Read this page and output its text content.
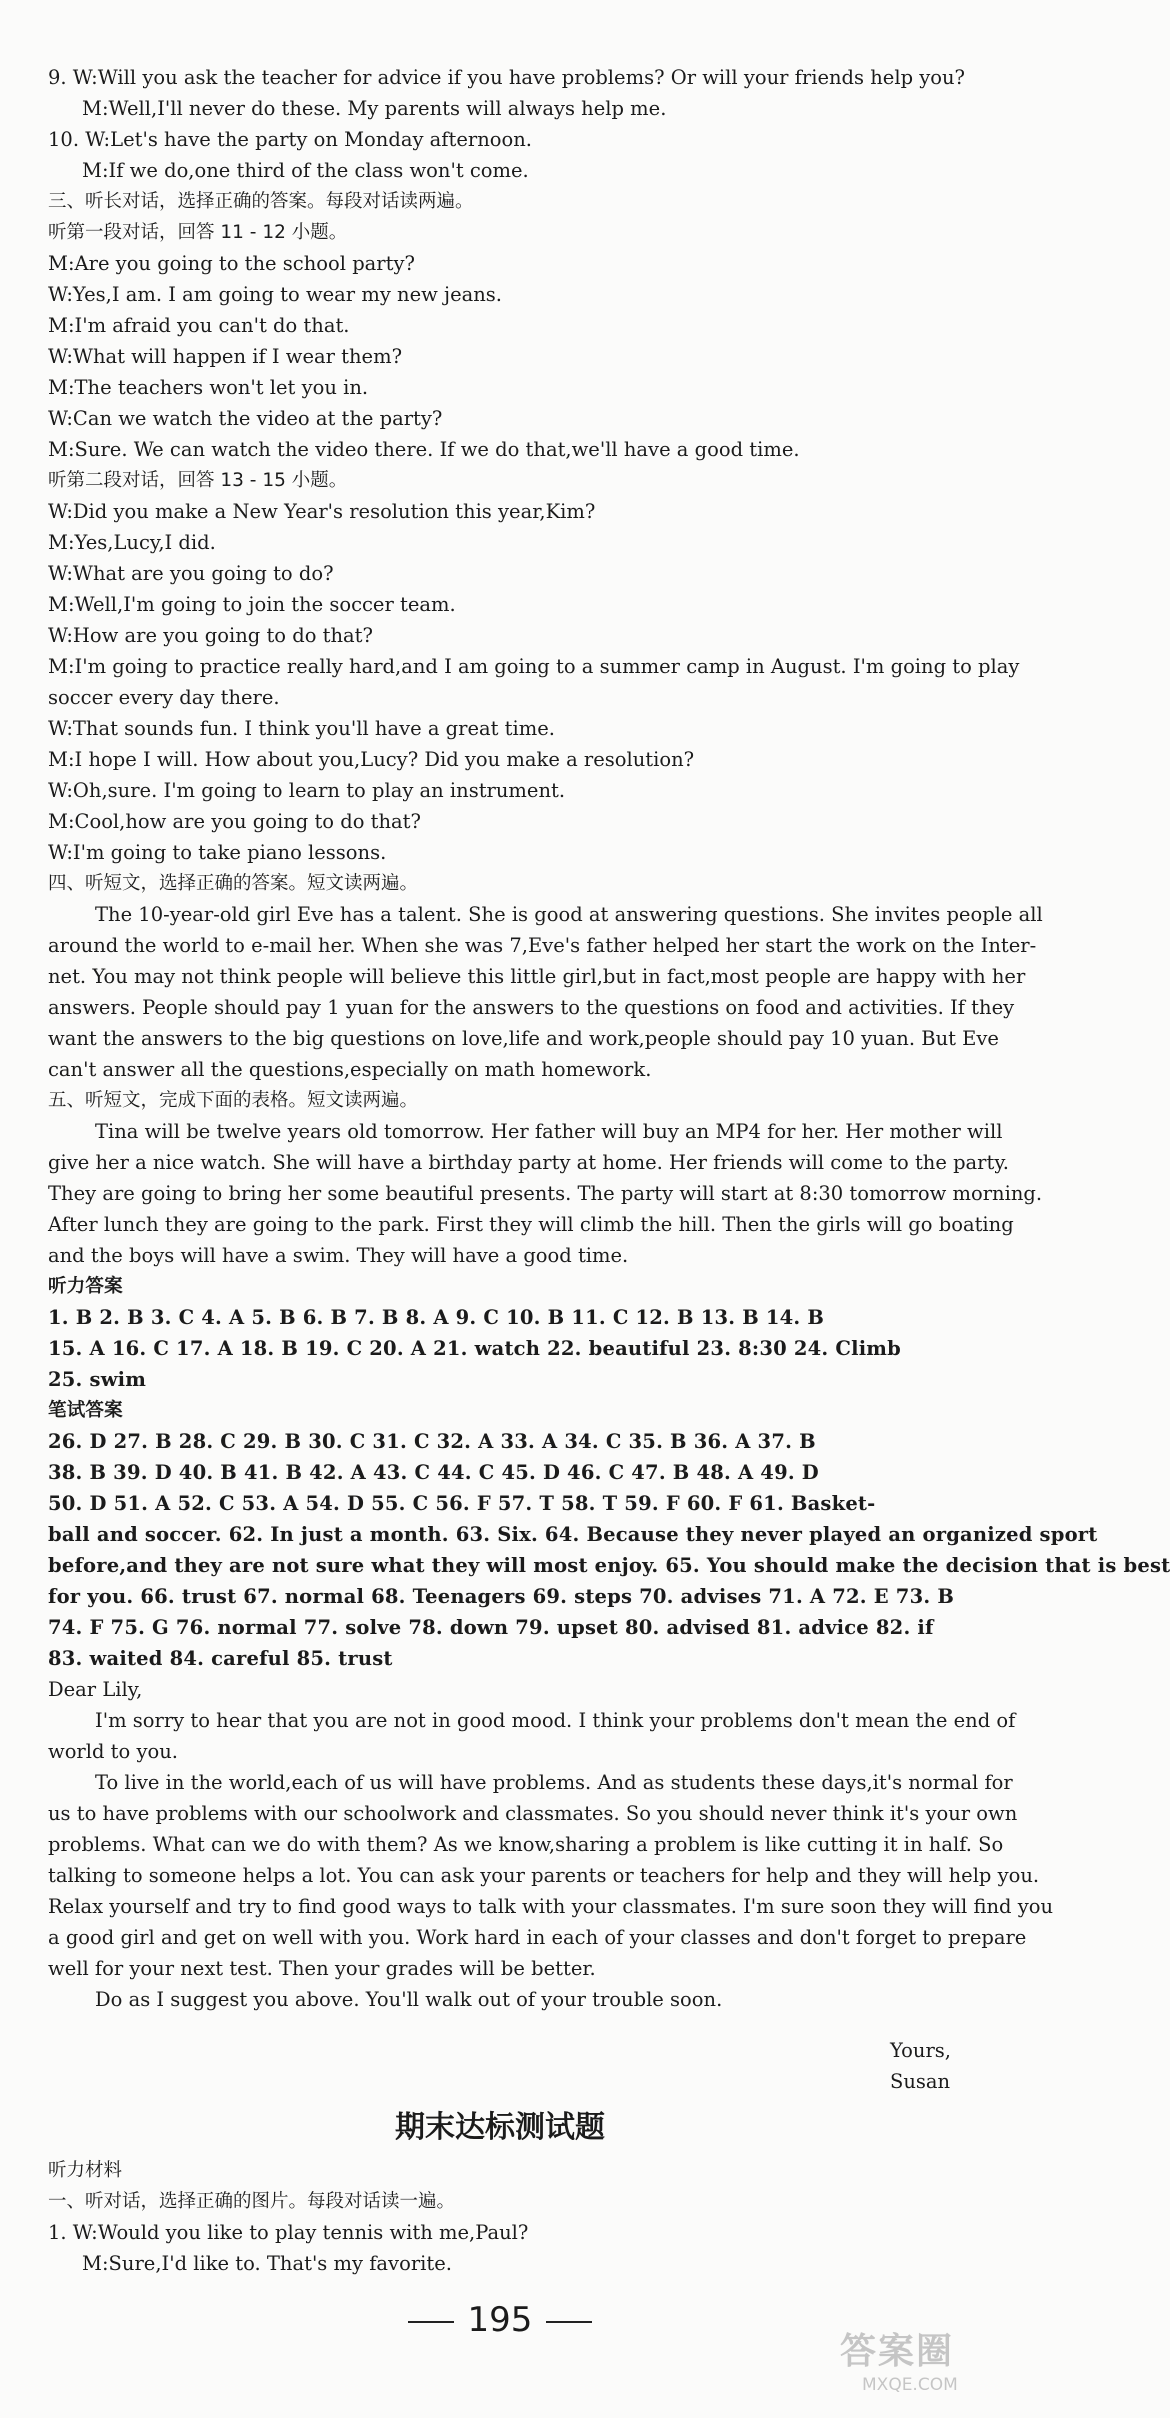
9. W:Will you ask the teacher for advice if you have problems? Or will your friends help you?
M:Well,I'll never do these. My parents will always help me.
10. W:Let's have the party on Monday afternoon.
M:If we do,one third of the class won't come.
三、听长对话，选择正确的答案。每段对话读两遍。
听第一段对话，回答 11 - 12 小题。
M:Are you going to the school party?
W:Yes,I am. I am going to wear my new jeans.
M:I'm afraid you can't do that.
W:What will happen if I wear them?
M:The teachers won't let you in.
W:Can we watch the video at the party?
M:Sure. We can watch the video there. If we do that,we'll have a good time.
听第二段对话，回答 13 - 15 小题。
W:Did you make a New Year's resolution this year,Kim?
M:Yes,Lucy,I did.
W:What are you going to do?
M:Well,I'm going to join the soccer team.
W:How are you going to do that?
M:I'm going to practice really hard,and I am going to a summer camp in August. I'm going to play
soccer every day there.
W:That sounds fun. I think you'll have a great time.
M:I hope I will. How about you,Lucy? Did you make a resolution?
W:Oh,sure. I'm going to learn to play an instrument.
M:Cool,how are you going to do that?
W:I'm going to take piano lessons.
四、听短文，选择正确的答案。短文读两遍。
The 10-year-old girl Eve has a talent. She is good at answering questions. She invites people all
around the world to e-mail her. When she was 7,Eve's father helped her start the work on the Inter-
net. You may not think people will believe this little girl,but in fact,most people are happy with her
answers. People should pay 1 yuan for the answers to the questions on food and activities. If they
want the answers to the big questions on love,life and work,people should pay 10 yuan. But Eve
can't answer all the questions,especially on math homework.
五、听短文，完成下面的表格。短文读两遍。
Tina will be twelve years old tomorrow. Her father will buy an MP4 for her. Her mother will
give her a nice watch. She will have a birthday party at home. Her friends will come to the party.
They are going to bring her some beautiful presents. The party will start at 8:30 tomorrow morning.
After lunch they are going to the park. First they will climb the hill. Then the girls will go boating
and the boys will have a swim. They will have a good time.
听力答案
1. B 2. B 3. C 4. A 5. B 6. B 7. B 8. A 9. C 10. B 11. C 12. B 13. B 14. B
15. A 16. C 17. A 18. B 19. C 20. A 21. watch 22. beautiful 23. 8:30 24. Climb
25. swim
笔试答案
26. D 27. B 28. C 29. B 30. C 31. C 32. A 33. A 34. C 35. B 36. A 37. B
38. B 39. D 40. B 41. B 42. A 43. C 44. C 45. D 46. C 47. B 48. A 49. D
50. D 51. A 52. C 53. A 54. D 55. C 56. F 57. T 58. T 59. F 60. F 61. Basket-
ball and soccer. 62. In just a month. 63. Six. 64. Because they never played an organized sport
before,and they are not sure what they will most enjoy. 65. You should make the decision that is best
for you. 66. trust 67. normal 68. Teenagers 69. steps 70. advises 71. A 72. E 73. B
74. F 75. G 76. normal 77. solve 78. down 79. upset 80. advised 81. advice 82. if
83. waited 84. careful 85. trust
Dear Lily,
I'm sorry to hear that you are not in good mood. I think your problems don't mean the end of
world to you.
To live in the world,each of us will have problems. And as students these days,it's normal for
us to have problems with our schoolwork and classmates. So you should never think it's your own
problems. What can we do with them? As we know,sharing a problem is like cutting it in half. So
talking to someone helps a lot. You can ask your parents or teachers for help and they will help you.
Relax yourself and try to find good ways to talk with your classmates. I'm sure soon they will find you
a good girl and get on well with you. Work hard in each of your classes and don't forget to prepare
well for your next test. Then your grades will be better.
Do as I suggest you above. You'll walk out of your trouble soon.
Yours,
Susan
期末达标测试题
听力材料
一、听对话，选择正确的图片。每段对话读一遍。
1. W:Would you like to play tennis with me,Paul?
M:Sure,I'd like to. That's my favorite.
195
答案圈
MXQE.COM
